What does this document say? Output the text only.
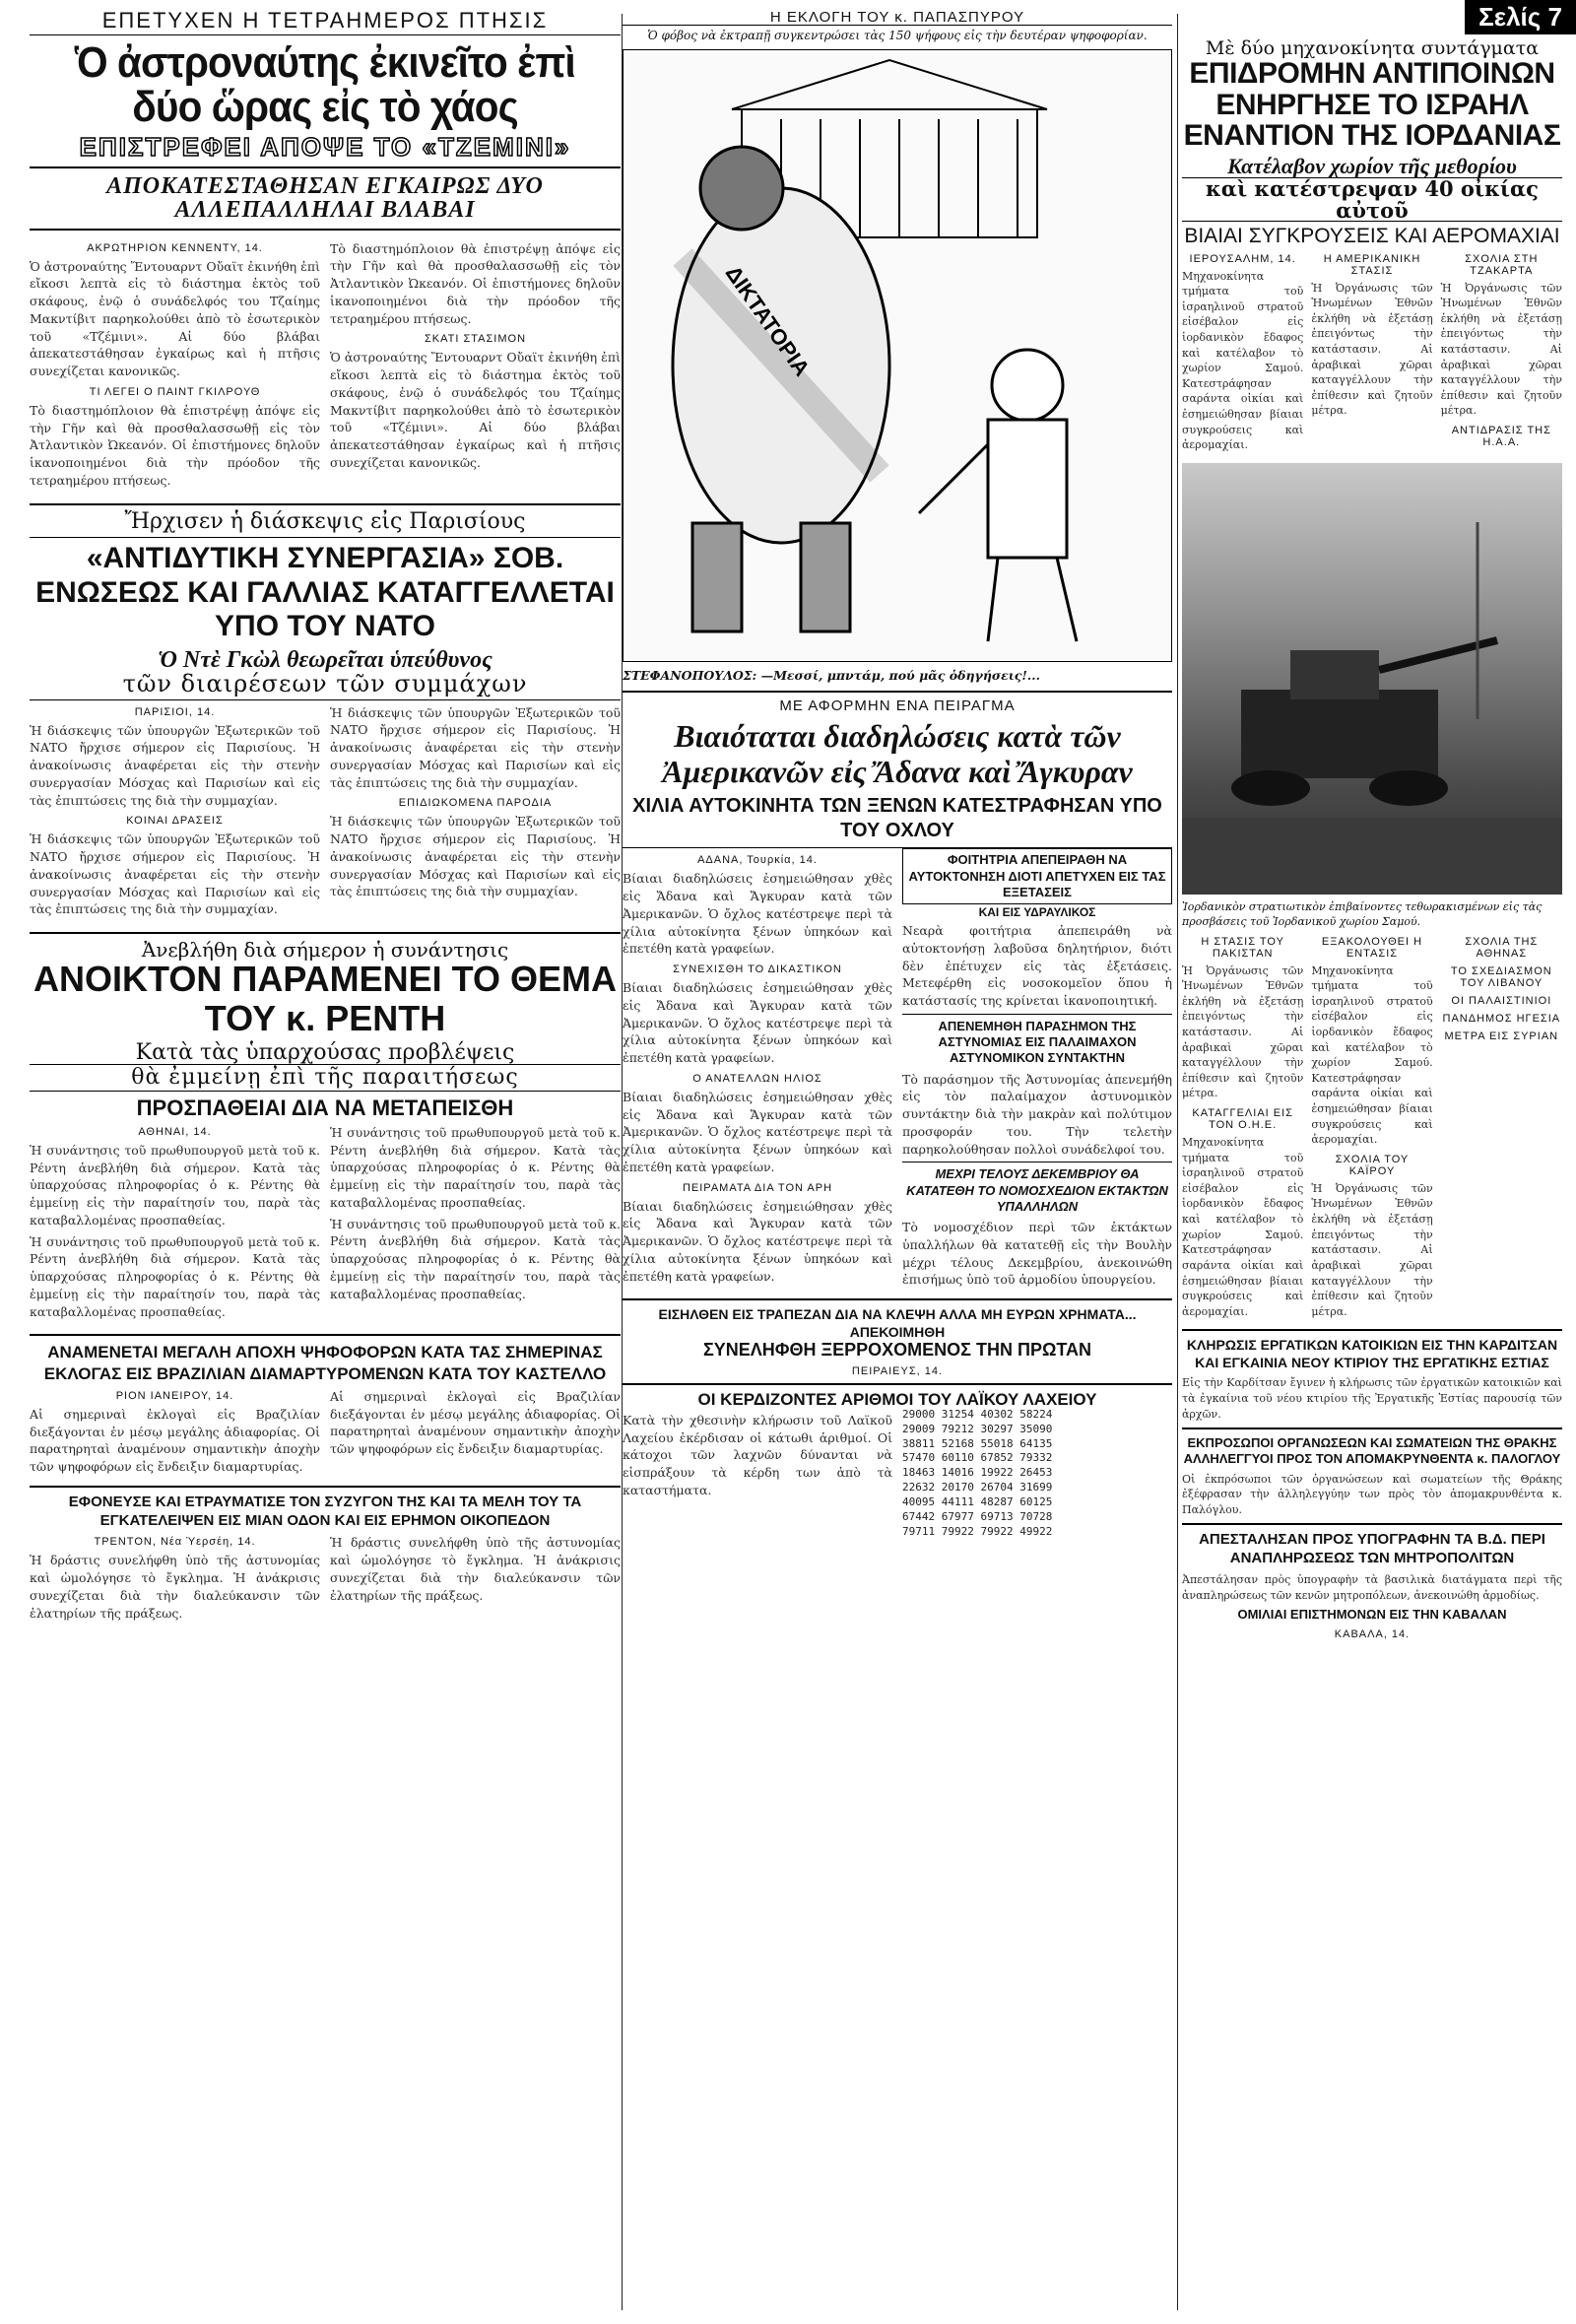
Σελίς 7
ΕΠΕΤΥΧΕΝ Η ΤΕΤΡΑΗΜΕΡΟΣ ΠΤΗΣΙΣ
Ὁ ἀστροναύτης ἐκινεῖτο ἐπὶ δύο ὥρας εἰς τὸ χάος
ΕΠΙΣΤΡΕΦΕΙ ΑΠΟΨΕ ΤΟ «ΤΖΕΜΙΝΙ»
ΑΠΟΚΑΤΕΣΤΑΘΗΣΑΝ ΕΓΚΑΙΡΩΣ ΔΥΟ ΑΛΛΕΠΑΛΛΗΛΑΙ ΒΛΑΒΑΙ
ΑΚΡΩΤΗΡΙΟΝ ΚΕΝΝΕΝΤΥ, 14.

Ὁ ἀστροναύτης Ἔντουαρντ Οὔαϊτ ἐκινήθη ἐπὶ εἴκοσι λεπτὰ εἰς τὸ διάστημα ἐκτὸς τοῦ σκάφους, ἐνῷ ὁ συνάδελφός του Τζαίημς Μακντίβιτ παρηκολούθει ἀπὸ τὸ ἐσωτερικὸν τοῦ «Τζέμινι». Αἱ δύο βλάβαι ἀπεκατεστάθησαν ἐγκαίρως καὶ ἡ πτῆσις συνεχίζεται κανονικῶς.

ΤΙ ΛΕΓΕΙ Ο ΠΑΙΝΤ ΓΚΙΛΡΟΥΘ

Τὸ διαστημόπλοιον θὰ ἐπιστρέψῃ ἀπόψε εἰς τὴν Γῆν καὶ θὰ προσθαλασσωθῇ εἰς τὸν Ἀτλαντικὸν Ὠκεανόν. Οἱ ἐπιστήμονες δηλοῦν ἱκανοποιημένοι διὰ τὴν πρόοδον τῆς τετραημέρου πτήσεως.

Τὸ διαστημόπλοιον θὰ ἐπιστρέψῃ ἀπόψε εἰς τὴν Γῆν καὶ θὰ προσθαλασσωθῇ εἰς τὸν Ἀτλαντικὸν Ὠκεανόν. Οἱ ἐπιστήμονες δηλοῦν ἱκανοποιημένοι διὰ τὴν πρόοδον τῆς τετραημέρου πτήσεως.

ΣΚΑΤΙ ΣΤΑΣΙΜΟΝ

Ὁ ἀστροναύτης Ἔντουαρντ Οὔαϊτ ἐκινήθη ἐπὶ εἴκοσι λεπτὰ εἰς τὸ διάστημα ἐκτὸς τοῦ σκάφους, ἐνῷ ὁ συνάδελφός του Τζαίημς Μακντίβιτ παρηκολούθει ἀπὸ τὸ ἐσωτερικὸν τοῦ «Τζέμινι». Αἱ δύο βλάβαι ἀπεκατεστάθησαν ἐγκαίρως καὶ ἡ πτῆσις συνεχίζεται κανονικῶς.

Ἤρχισεν ἡ διάσκεψις εἰς Παρισίους
«ΑΝΤΙΔΥΤΙΚΗ ΣΥΝΕΡΓΑΣΙΑ» ΣΟΒ. ΕΝΩΣΕΩΣ ΚΑΙ ΓΑΛΛΙΑΣ ΚΑΤΑΓΓΕΛΛΕΤΑΙ ΥΠΟ ΤΟΥ ΝΑΤΟ
Ὁ Ντὲ Γκὼλ θεωρεῖται ὑπεύθυνος
τῶν διαιρέσεων τῶν συμμάχων
ΠΑΡΙΣΙΟΙ, 14.

Ἡ διάσκεψις τῶν ὑπουργῶν Ἐξωτερικῶν τοῦ ΝΑΤΟ ἤρχισε σήμερον εἰς Παρισίους. Ἡ ἀνακοίνωσις ἀναφέρεται εἰς τὴν στενὴν συνεργασίαν Μόσχας καὶ Παρισίων καὶ εἰς τὰς ἐπιπτώσεις της διὰ τὴν συμμαχίαν.

ΚΟΙΝΑΙ ΔΡΑΣΕΙΣ

Ἡ διάσκεψις τῶν ὑπουργῶν Ἐξωτερικῶν τοῦ ΝΑΤΟ ἤρχισε σήμερον εἰς Παρισίους. Ἡ ἀνακοίνωσις ἀναφέρεται εἰς τὴν στενὴν συνεργασίαν Μόσχας καὶ Παρισίων καὶ εἰς τὰς ἐπιπτώσεις της διὰ τὴν συμμαχίαν.

Ἡ διάσκεψις τῶν ὑπουργῶν Ἐξωτερικῶν τοῦ ΝΑΤΟ ἤρχισε σήμερον εἰς Παρισίους. Ἡ ἀνακοίνωσις ἀναφέρεται εἰς τὴν στενὴν συνεργασίαν Μόσχας καὶ Παρισίων καὶ εἰς τὰς ἐπιπτώσεις της διὰ τὴν συμμαχίαν.

ΕΠΙΔΙΩΚΟΜΕΝΑ ΠΑΡΟΔΙΑ

Ἡ διάσκεψις τῶν ὑπουργῶν Ἐξωτερικῶν τοῦ ΝΑΤΟ ἤρχισε σήμερον εἰς Παρισίους. Ἡ ἀνακοίνωσις ἀναφέρεται εἰς τὴν στενὴν συνεργασίαν Μόσχας καὶ Παρισίων καὶ εἰς τὰς ἐπιπτώσεις της διὰ τὴν συμμαχίαν.

Ἀνεβλήθη διὰ σήμερον ἡ συνάντησις
ΑΝΟΙΚΤΟΝ ΠΑΡΑΜΕΝΕΙ ΤΟ ΘΕΜΑ ΤΟΥ κ. ΡΕΝΤΗ
Κατὰ τὰς ὑπαρχούσας προβλέψεις
θὰ ἐμμείνῃ ἐπὶ τῆς παραιτήσεως
ΠΡΟΣΠΑΘΕΙΑΙ ΔΙΑ ΝΑ ΜΕΤΑΠΕΙΣΘΗ
ΑΘΗΝΑΙ, 14.

Ἡ συνάντησις τοῦ πρωθυπουργοῦ μετὰ τοῦ κ. Ρέντη ἀνεβλήθη διὰ σήμερον. Κατὰ τὰς ὑπαρχούσας πληροφορίας ὁ κ. Ρέντης θὰ ἐμμείνῃ εἰς τὴν παραίτησίν του, παρὰ τὰς καταβαλλομένας προσπαθείας.

Ἡ συνάντησις τοῦ πρωθυπουργοῦ μετὰ τοῦ κ. Ρέντη ἀνεβλήθη διὰ σήμερον. Κατὰ τὰς ὑπαρχούσας πληροφορίας ὁ κ. Ρέντης θὰ ἐμμείνῃ εἰς τὴν παραίτησίν του, παρὰ τὰς καταβαλλομένας προσπαθείας.

Ἡ συνάντησις τοῦ πρωθυπουργοῦ μετὰ τοῦ κ. Ρέντη ἀνεβλήθη διὰ σήμερον. Κατὰ τὰς ὑπαρχούσας πληροφορίας ὁ κ. Ρέντης θὰ ἐμμείνῃ εἰς τὴν παραίτησίν του, παρὰ τὰς καταβαλλομένας προσπαθείας.

Ἡ συνάντησις τοῦ πρωθυπουργοῦ μετὰ τοῦ κ. Ρέντη ἀνεβλήθη διὰ σήμερον. Κατὰ τὰς ὑπαρχούσας πληροφορίας ὁ κ. Ρέντης θὰ ἐμμείνῃ εἰς τὴν παραίτησίν του, παρὰ τὰς καταβαλλομένας προσπαθείας.

ΑΝΑΜΕΝΕΤΑΙ ΜΕΓΑΛΗ ΑΠΟΧΗ ΨΗΦΟΦΟΡΩΝ ΚΑΤΑ ΤΑΣ ΣΗΜΕΡΙΝΑΣ ΕΚΛΟΓΑΣ ΕΙΣ ΒΡΑΖΙΛΙΑΝ ΔΙΑΜΑΡΤΥΡΟΜΕΝΩΝ ΚΑΤΑ ΤΟΥ ΚΑΣΤΕΛΛΟ
ΡΙΟΝ ΙΑΝΕΙΡΟΥ, 14.

Αἱ σημεριναὶ ἐκλογαὶ εἰς Βραζιλίαν διεξάγονται ἐν μέσῳ μεγάλης ἀδιαφορίας. Οἱ παρατηρηταὶ ἀναμένουν σημαντικὴν ἀποχὴν τῶν ψηφοφόρων εἰς ἔνδειξιν διαμαρτυρίας.

Αἱ σημεριναὶ ἐκλογαὶ εἰς Βραζιλίαν διεξάγονται ἐν μέσῳ μεγάλης ἀδιαφορίας. Οἱ παρατηρηταὶ ἀναμένουν σημαντικὴν ἀποχὴν τῶν ψηφοφόρων εἰς ἔνδειξιν διαμαρτυρίας.

ΕΦΟΝΕΥΣΕ ΚΑΙ ΕΤΡΑΥΜΑΤΙΣΕ ΤΟΝ ΣΥΖΥΓΟΝ ΤΗΣ ΚΑΙ ΤΑ ΜΕΛΗ ΤΟΥ ΤΑ ΕΓΚΑΤΕΛΕΙΨΕΝ ΕΙΣ ΜΙΑΝ ΟΔΟΝ ΚΑΙ ΕΙΣ ΕΡΗΜΟΝ ΟΙΚΟΠΕΔΟΝ
ΤΡΕΝΤΟΝ, Νέα Ὑερσέη, 14.

Ἡ δράστις συνελήφθη ὑπὸ τῆς ἀστυνομίας καὶ ὡμολόγησε τὸ ἔγκλημα. Ἡ ἀνάκρισις συνεχίζεται διὰ τὴν διαλεύκανσιν τῶν ἐλατηρίων τῆς πράξεως.

Ἡ δράστις συνελήφθη ὑπὸ τῆς ἀστυνομίας καὶ ὡμολόγησε τὸ ἔγκλημα. Ἡ ἀνάκρισις συνεχίζεται διὰ τὴν διαλεύκανσιν τῶν ἐλατηρίων τῆς πράξεως.

Η ΕΚΛΟΓΗ ΤΟΥ κ. ΠΑΠΑΣΠΥΡΟΥ
Ὁ φόβος νὰ ἐκτραπῇ συγκεντρώσει τὰς 150 ψήφους εἰς τὴν δευτέραν ψηφοφορίαν.
ΔΙΚΤΑΤΟΡΙΑ
ΣΤΕΦΑΝΟΠΟΥΛΟΣ: —Μεσσί, μπντάμ, πού μᾶς ὁδηγήσεις!...
ΜΕ ΑΦΟΡΜΗΝ ΕΝΑ ΠΕΙΡΑΓΜΑ
Βιαιόταται διαδηλώσεις κατὰ τῶν Ἀμερικανῶν εἰς Ἄδανα καὶ Ἄγκυραν
ΧΙΛΙΑ ΑΥΤΟΚΙΝΗΤΑ ΤΩΝ ΞΕΝΩΝ ΚΑΤΕΣΤΡΑΦΗΣΑΝ ΥΠΟ ΤΟΥ ΟΧΛΟΥ
ΑΔΑΝΑ, Τουρκία, 14.

Βίαιαι διαδηλώσεις ἐσημειώθησαν χθὲς εἰς Ἄδανα καὶ Ἄγκυραν κατὰ τῶν Ἀμερικανῶν. Ὁ ὄχλος κατέστρεψε περὶ τὰ χίλια αὐτοκίνητα ξένων ὑπηκόων καὶ ἐπετέθη κατὰ γραφείων.

ΣΥΝΕΧΙΣΘΗ ΤΟ ΔΙΚΑΣΤΙΚΟΝ

Βίαιαι διαδηλώσεις ἐσημειώθησαν χθὲς εἰς Ἄδανα καὶ Ἄγκυραν κατὰ τῶν Ἀμερικανῶν. Ὁ ὄχλος κατέστρεψε περὶ τὰ χίλια αὐτοκίνητα ξένων ὑπηκόων καὶ ἐπετέθη κατὰ γραφείων.

Ο ΑΝΑΤΕΛΛΩΝ ΗΛΙΟΣ

Βίαιαι διαδηλώσεις ἐσημειώθησαν χθὲς εἰς Ἄδανα καὶ Ἄγκυραν κατὰ τῶν Ἀμερικανῶν. Ὁ ὄχλος κατέστρεψε περὶ τὰ χίλια αὐτοκίνητα ξένων ὑπηκόων καὶ ἐπετέθη κατὰ γραφείων.

ΠΕΙΡΑΜΑΤΑ ΔΙΑ ΤΟΝ ΑΡΗ

Βίαιαι διαδηλώσεις ἐσημειώθησαν χθὲς εἰς Ἄδανα καὶ Ἄγκυραν κατὰ τῶν Ἀμερικανῶν. Ὁ ὄχλος κατέστρεψε περὶ τὰ χίλια αὐτοκίνητα ξένων ὑπηκόων καὶ ἐπετέθη κατὰ γραφείων.

ΦΟΙΤΗΤΡΙΑ ΑΠΕΠΕΙΡΑΘΗ ΝΑ ΑΥΤΟΚΤΟΝΗΣΗ ΔΙΟΤΙ ΑΠΕΤΥΧΕΝ ΕΙΣ ΤΑΣ ΕΞΕΤΑΣΕΙΣ
ΚΑΙ ΕΙΣ ΥΔΡΑΥΛΙΚΟΣ

Νεαρὰ φοιτήτρια ἀπεπειράθη νὰ αὐτοκτονήσῃ λαβοῦσα δηλητήριον, διότι δὲν ἐπέτυχεν εἰς τὰς ἐξετάσεις. Μετεφέρθη εἰς νοσοκομεῖον ὅπου ἡ κατάστασίς της κρίνεται ἱκανοποιητική.

ΑΠΕΝΕΜΗΘΗ ΠΑΡΑΣΗΜΟΝ ΤΗΣ ΑΣΤΥΝΟΜΙΑΣ ΕΙΣ ΠΑΛΑΙΜΑΧΟΝ ΑΣΤΥΝΟΜΙΚΟΝ ΣΥΝΤΑΚΤΗΝ

Τὸ παράσημον τῆς Ἀστυνομίας ἀπενεμήθη εἰς τὸν παλαίμαχον ἀστυνομικὸν συντάκτην διὰ τὴν μακρὰν καὶ πολύτιμον προσφοράν του. Τὴν τελετὴν παρηκολούθησαν πολλοὶ συνάδελφοί του.

ΜΕΧΡΙ ΤΕΛΟΥΣ ΔΕΚΕΜΒΡΙΟΥ ΘΑ ΚΑΤΑΤΕΘΗ ΤΟ ΝΟΜΟΣΧΕΔΙΟΝ ΕΚΤΑΚΤΩΝ ΥΠΑΛΛΗΛΩΝ

Τὸ νομοσχέδιον περὶ τῶν ἐκτάκτων ὑπαλλήλων θὰ κατατεθῇ εἰς τὴν Βουλὴν μέχρι τέλους Δεκεμβρίου, ἀνεκοινώθη ἐπισήμως ὑπὸ τοῦ ἁρμοδίου ὑπουργείου.

ΕΙΣΗΛΘΕΝ ΕΙΣ ΤΡΑΠΕΖΑΝ ΔΙΑ ΝΑ ΚΛΕΨΗ ΑΛΛΑ ΜΗ ΕΥΡΩΝ ΧΡΗΜΑΤΑ... ΑΠΕΚΟΙΜΗΘΗ
ΣΥΝΕΛΗΦΘΗ ΞΕΡΡΟΧΟΜΕΝΟΣ ΤΗΝ ΠΡΩΤΑΝ
ΠΕΙΡΑΙΕΥΣ, 14.
ΟΙ ΚΕΡΔΙΖΟΝΤΕΣ ΑΡΙΘΜΟΙ ΤΟΥ ΛΑΪΚΟΥ ΛΑΧΕΙΟΥ

Κατὰ τὴν χθεσινὴν κλήρωσιν τοῦ Λαϊκοῦ Λαχείου ἐκέρδισαν οἱ κάτωθι ἀριθμοί. Οἱ κάτοχοι τῶν λαχνῶν δύνανται νὰ εἰσπράξουν τὰ κέρδη των ἀπὸ τὰ καταστήματα.

29000 31254 40302 58224
29009 79212 30297 35090
38811 52168 55018 64135
57470 60110 67852 79332
18463 14016 19922 26453
22632 20170 26704 31699
40095 44111 48287 60125
67442 67977 69713 70728
79711 79922 79922 49922
Μὲ δύο μηχανοκίνητα συντάγματα
ΕΠΙΔΡΟΜΗΝ ΑΝΤΙΠΟΙΝΩΝ ΕΝΗΡΓΗΣΕ ΤΟ ΙΣΡΑΗΛ ΕΝΑΝΤΙΟΝ ΤΗΣ ΙΟΡΔΑΝΙΑΣ
Κατέλαβον χωρίον τῆς μεθορίου
καὶ κατέστρεψαν 40 οἰκίας αὐτοῦ
ΒΙΑΙΑΙ ΣΥΓΚΡΟΥΣΕΙΣ ΚΑΙ ΑΕΡΟΜΑΧΙΑΙ
ΙΕΡΟΥΣΑΛΗΜ, 14.

Μηχανοκίνητα τμήματα τοῦ ἰσραηλινοῦ στρατοῦ εἰσέβαλον εἰς ἰορδανικὸν ἔδαφος καὶ κατέλαβον τὸ χωρίον Σαμού. Κατεστράφησαν σαράντα οἰκίαι καὶ ἐσημειώθησαν βίαιαι συγκρούσεις καὶ ἀερομαχίαι.

Η ΑΜΕΡΙΚΑΝΙΚΗ ΣΤΑΣΙΣ

Ἡ Ὀργάνωσις τῶν Ἡνωμένων Ἐθνῶν ἐκλήθη νὰ ἐξετάσῃ ἐπειγόντως τὴν κατάστασιν. Αἱ ἀραβικαὶ χῶραι καταγγέλλουν τὴν ἐπίθεσιν καὶ ζητοῦν μέτρα.

ΣΧΟΛΙΑ ΣΤΗ ΤΖΑΚΑΡΤΑ

Ἡ Ὀργάνωσις τῶν Ἡνωμένων Ἐθνῶν ἐκλήθη νὰ ἐξετάσῃ ἐπειγόντως τὴν κατάστασιν. Αἱ ἀραβικαὶ χῶραι καταγγέλλουν τὴν ἐπίθεσιν καὶ ζητοῦν μέτρα.

ΑΝΤΙΔΡΑΣΙΣ ΤΗΣ Η.Α.Α.
Ἰορδανικὸν στρατιωτικὸν ἐπιβαίνοντες τεθωρακισμένων εἰς τὰς προσβάσεις τοῦ Ἰορδανικοῦ χωρίου Σαμού.
Η ΣΤΑΣΙΣ ΤΟΥ ΠΑΚΙΣΤΑΝ

Ἡ Ὀργάνωσις τῶν Ἡνωμένων Ἐθνῶν ἐκλήθη νὰ ἐξετάσῃ ἐπειγόντως τὴν κατάστασιν. Αἱ ἀραβικαὶ χῶραι καταγγέλλουν τὴν ἐπίθεσιν καὶ ζητοῦν μέτρα.

ΚΑΤΑΓΓΕΛΙΑΙ ΕΙΣ ΤΟΝ Ο.Η.Ε.

Μηχανοκίνητα τμήματα τοῦ ἰσραηλινοῦ στρατοῦ εἰσέβαλον εἰς ἰορδανικὸν ἔδαφος καὶ κατέλαβον τὸ χωρίον Σαμού. Κατεστράφησαν σαράντα οἰκίαι καὶ ἐσημειώθησαν βίαιαι συγκρούσεις καὶ ἀερομαχίαι.

ΕΞΑΚΟΛΟΥΘΕΙ Η ΕΝΤΑΣΙΣ

Μηχανοκίνητα τμήματα τοῦ ἰσραηλινοῦ στρατοῦ εἰσέβαλον εἰς ἰορδανικὸν ἔδαφος καὶ κατέλαβον τὸ χωρίον Σαμού. Κατεστράφησαν σαράντα οἰκίαι καὶ ἐσημειώθησαν βίαιαι συγκρούσεις καὶ ἀερομαχίαι.

ΣΧΟΛΙΑ ΤΟΥ ΚΑΪΡΟΥ

Ἡ Ὀργάνωσις τῶν Ἡνωμένων Ἐθνῶν ἐκλήθη νὰ ἐξετάσῃ ἐπειγόντως τὴν κατάστασιν. Αἱ ἀραβικαὶ χῶραι καταγγέλλουν τὴν ἐπίθεσιν καὶ ζητοῦν μέτρα.

ΣΧΟΛΙΑ ΤΗΣ ΑΘΗΝΑΣ
ΤΟ ΣΧΕΔΙΑΣΜΟΝ ΤΟΥ ΛΙΒΑΝΟΥ
ΟΙ ΠΑΛΑΙΣΤΙΝΙΟΙ
ΠΑΝΔΗΜΟΣ ΗΓΕΣΙΑ
ΜΕΤΡΑ ΕΙΣ ΣΥΡΙΑΝ
ΚΛΗΡΩΣΙΣ ΕΡΓΑΤΙΚΩΝ ΚΑΤΟΙΚΙΩΝ ΕΙΣ ΤΗΝ ΚΑΡΔΙΤΣΑΝ ΚΑΙ ΕΓΚΑΙΝΙΑ ΝΕΟΥ ΚΤΙΡΙΟΥ ΤΗΣ ΕΡΓΑΤΙΚΗΣ ΕΣΤΙΑΣ

Εἰς τὴν Καρδίτσαν ἔγινεν ἡ κλήρωσις τῶν ἐργατικῶν κατοικιῶν καὶ τὰ ἐγκαίνια τοῦ νέου κτιρίου τῆς Ἐργατικῆς Ἑστίας παρουσίᾳ τῶν ἀρχῶν.

ΕΚΠΡΟΣΩΠΟΙ ΟΡΓΑΝΩΣΕΩΝ ΚΑΙ ΣΩΜΑΤΕΙΩΝ ΤΗΣ ΘΡΑΚΗΣ ΑΛΛΗΛΕΓΓΥΟΙ ΠΡΟΣ ΤΟΝ ΑΠΟΜΑΚΡΥΝΘΕΝΤΑ κ. ΠΑΛΟΓΛΟΥ

Οἱ ἐκπρόσωποι τῶν ὀργανώσεων καὶ σωματείων τῆς Θράκης ἐξέφρασαν τὴν ἀλληλεγγύην των πρὸς τὸν ἀπομακρυνθέντα κ. Παλόγλου.

ΑΠΕΣΤΑΛΗΣΑΝ ΠΡΟΣ ΥΠΟΓΡΑΦΗΝ ΤΑ Β.Δ. ΠΕΡΙ ΑΝΑΠΛΗΡΩΣΕΩΣ ΤΩΝ ΜΗΤΡΟΠΟΛΙΤΩΝ

Ἀπεστάλησαν πρὸς ὑπογραφὴν τὰ βασιλικὰ διατάγματα περὶ τῆς ἀναπληρώσεως τῶν κενῶν μητροπόλεων, ἀνεκοινώθη ἀρμοδίως.

ΟΜΙΛΙΑΙ ΕΠΙΣΤΗΜΟΝΩΝ ΕΙΣ ΤΗΝ ΚΑΒΑΛΑΝ
ΚΑΒΑΛΑ, 14.
